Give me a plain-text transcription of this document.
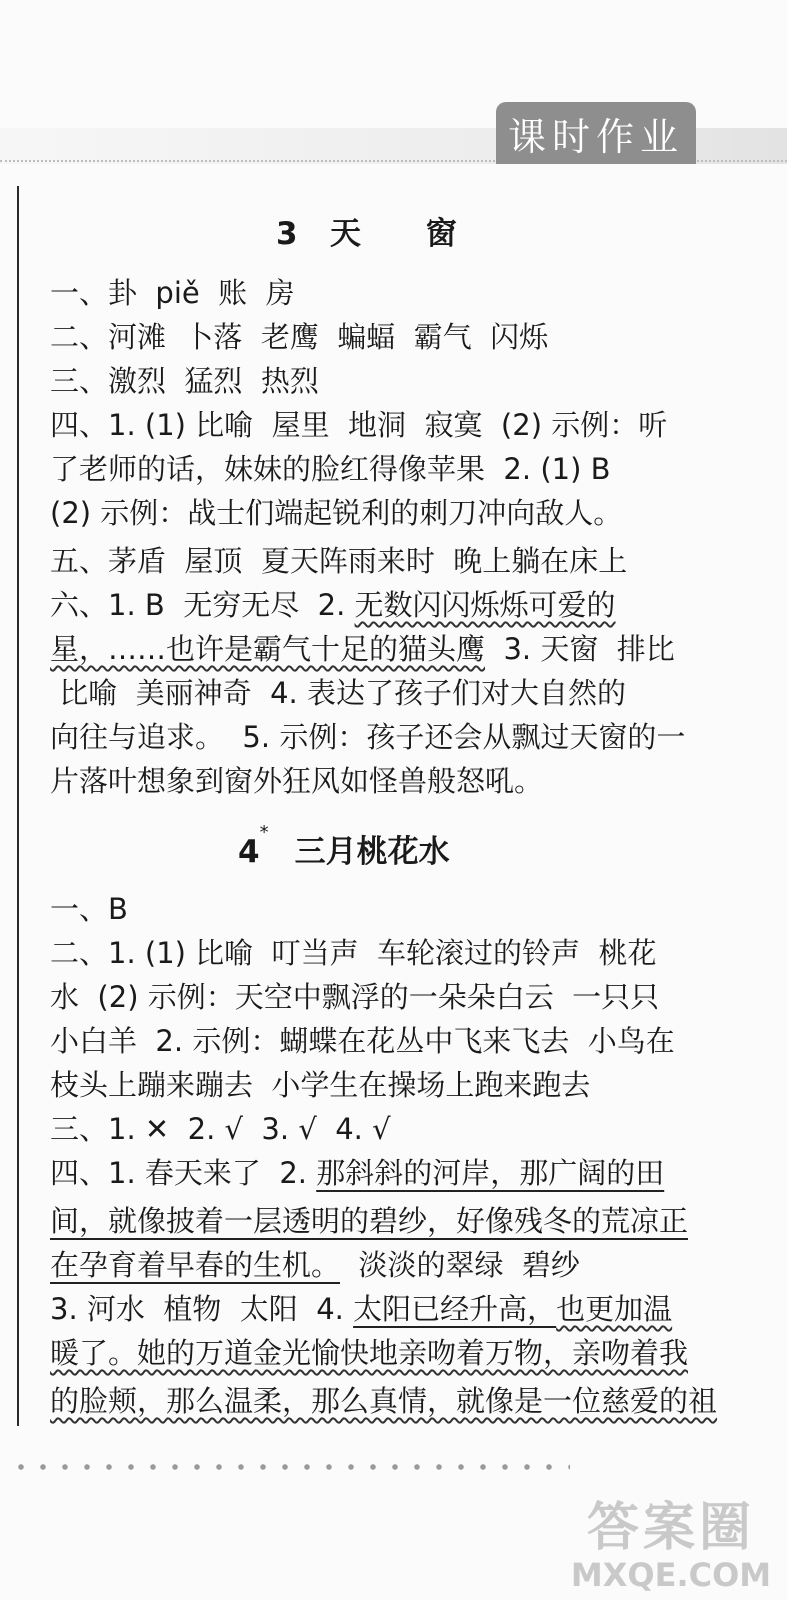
课时作业
3 天 窗
一、卦  piě  账  房
二、河滩  卜落  老鹰  蝙蝠  霸气  闪烁
三、激烈  猛烈  热烈
四、1. (1) 比喻  屋里  地洞  寂寞  (2) 示例：听
了老师的话，妹妹的脸红得像苹果  2. (1) B
(2) 示例：战士们端起锐利的刺刀冲向敌人。
五、茅盾  屋顶  夏天阵雨来时  晚上躺在床上
六、1. B  无穷无尽  2. 无数闪闪烁烁可爱的
星，……也许是霸气十足的猫头鹰  3. 天窗  排比
比喻  美丽神奇  4. 表达了孩子们对大自然的
向往与追求。  5. 示例：孩子还会从飘过天窗的一
片落叶想象到窗外狂风如怪兽般怒吼。
4*三月桃花水
一、B
二、1. (1) 比喻  叮当声  车轮滚过的铃声  桃花
水  (2) 示例：天空中飘浮的一朵朵白云  一只只
小白羊  2. 示例：蝴蝶在花丛中飞来飞去  小鸟在
枝头上蹦来蹦去  小学生在操场上跑来跑去
三、1. ✕  2. √  3. √  4. √
四、1. 春天来了  2. 那斜斜的河岸，那广阔的田
间，就像披着一层透明的碧纱，好像残冬的荒凉正
在孕育着早春的生机。  淡淡的翠绿  碧纱
3. 河水  植物  太阳  4. 太阳已经升高，也更加温
暖了。她的万道金光愉快地亲吻着万物，亲吻着我
的脸颊，那么温柔，那么真情，就像是一位慈爱的祖
答案圈
MXQE.COM
